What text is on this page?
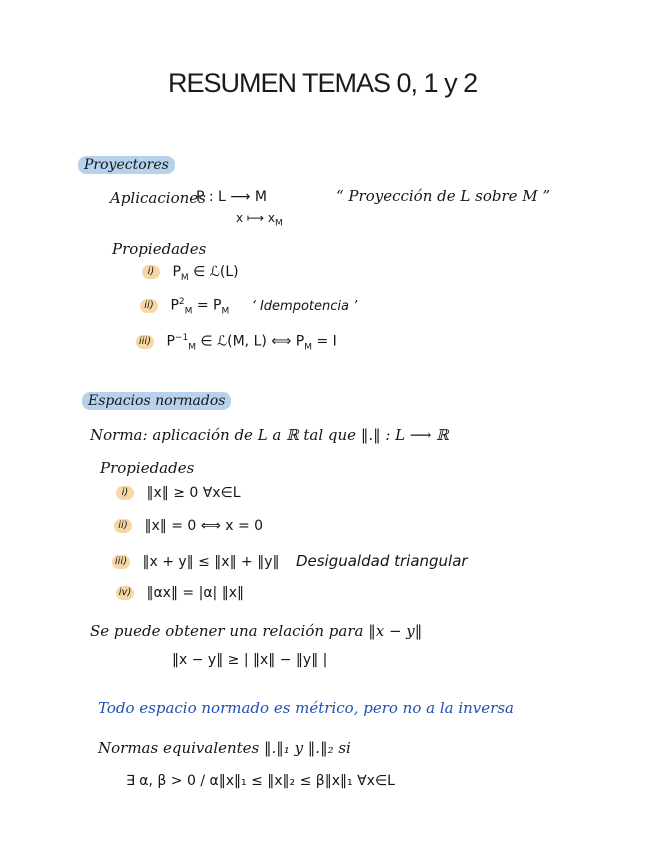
RESUMEN TEMAS 0, 1 y 2
Proyectores
Aplicaciones
P : L ⟶ M
x ⟼ $x_M$
“ Proyección de L sobre M ”
Propiedades
i) $P_M$ ∈ ℒ(L)
ii) $P^2_M = P_M$ ‘ Idempotencia ’
iii) $P^{-1}_M$ ∈ ℒ(M, L) ⟺ $P_M = I$
Espacios normados
Norma: aplicación de L a ℝ tal que ‖.‖ : L ⟶ ℝ
Propiedades
i) ‖x‖ ≥ 0 ∀x∈L
ii) ‖x‖ = 0 ⟺ x = 0
iii) ‖x + y‖ ≤ ‖x‖ + ‖y‖ Desigualdad triangular
iv) ‖αx‖ = |α| ‖x‖
Se puede obtener una relación para ‖x − y‖
‖x − y‖ ≥ | ‖x‖ − ‖y‖ |
Todo espacio normado es métrico, pero no a la inversa
Normas equivalentes ‖.‖₁ y ‖.‖₂ si
∃ α, β > 0 / α‖x‖₁ ≤ ‖x‖₂ ≤ β‖x‖₁ ∀x∈L
